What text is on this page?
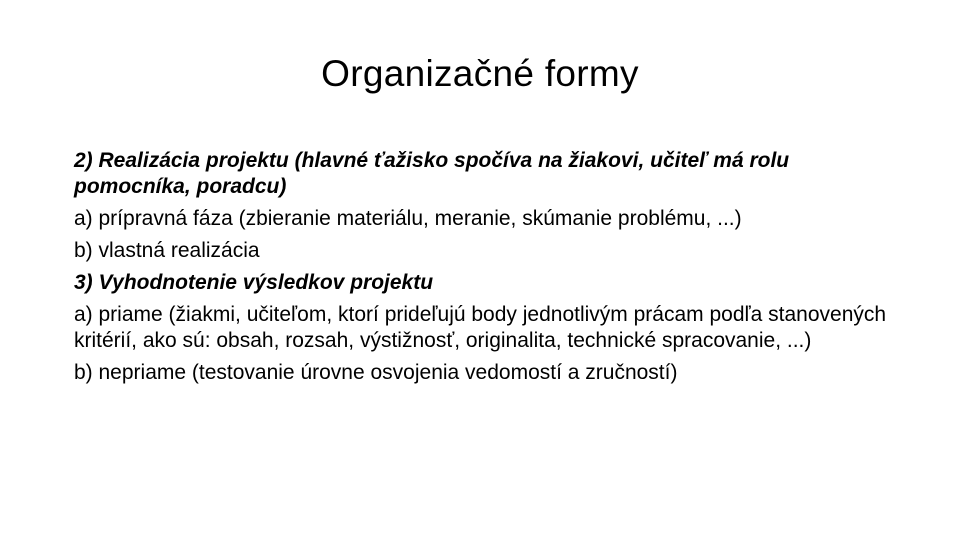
Organizačné formy

2) Realizácia projektu (hlavné ťažisko spočíva na žiakovi, učiteľ má rolu pomocníka, poradcu)

a) prípravná fáza (zbieranie materiálu, meranie, skúmanie problému, ...)

b) vlastná realizácia

3) Vyhodnotenie výsledkov projektu

a) priame (žiakmi, učiteľom, ktorí prideľujú body jednotlivým prácam podľa stanovených kritérií, ako sú: obsah, rozsah, výstižnosť, originalita, technické spracovanie, ...)

b) nepriame (testovanie úrovne osvojenia vedomostí a zručností)
